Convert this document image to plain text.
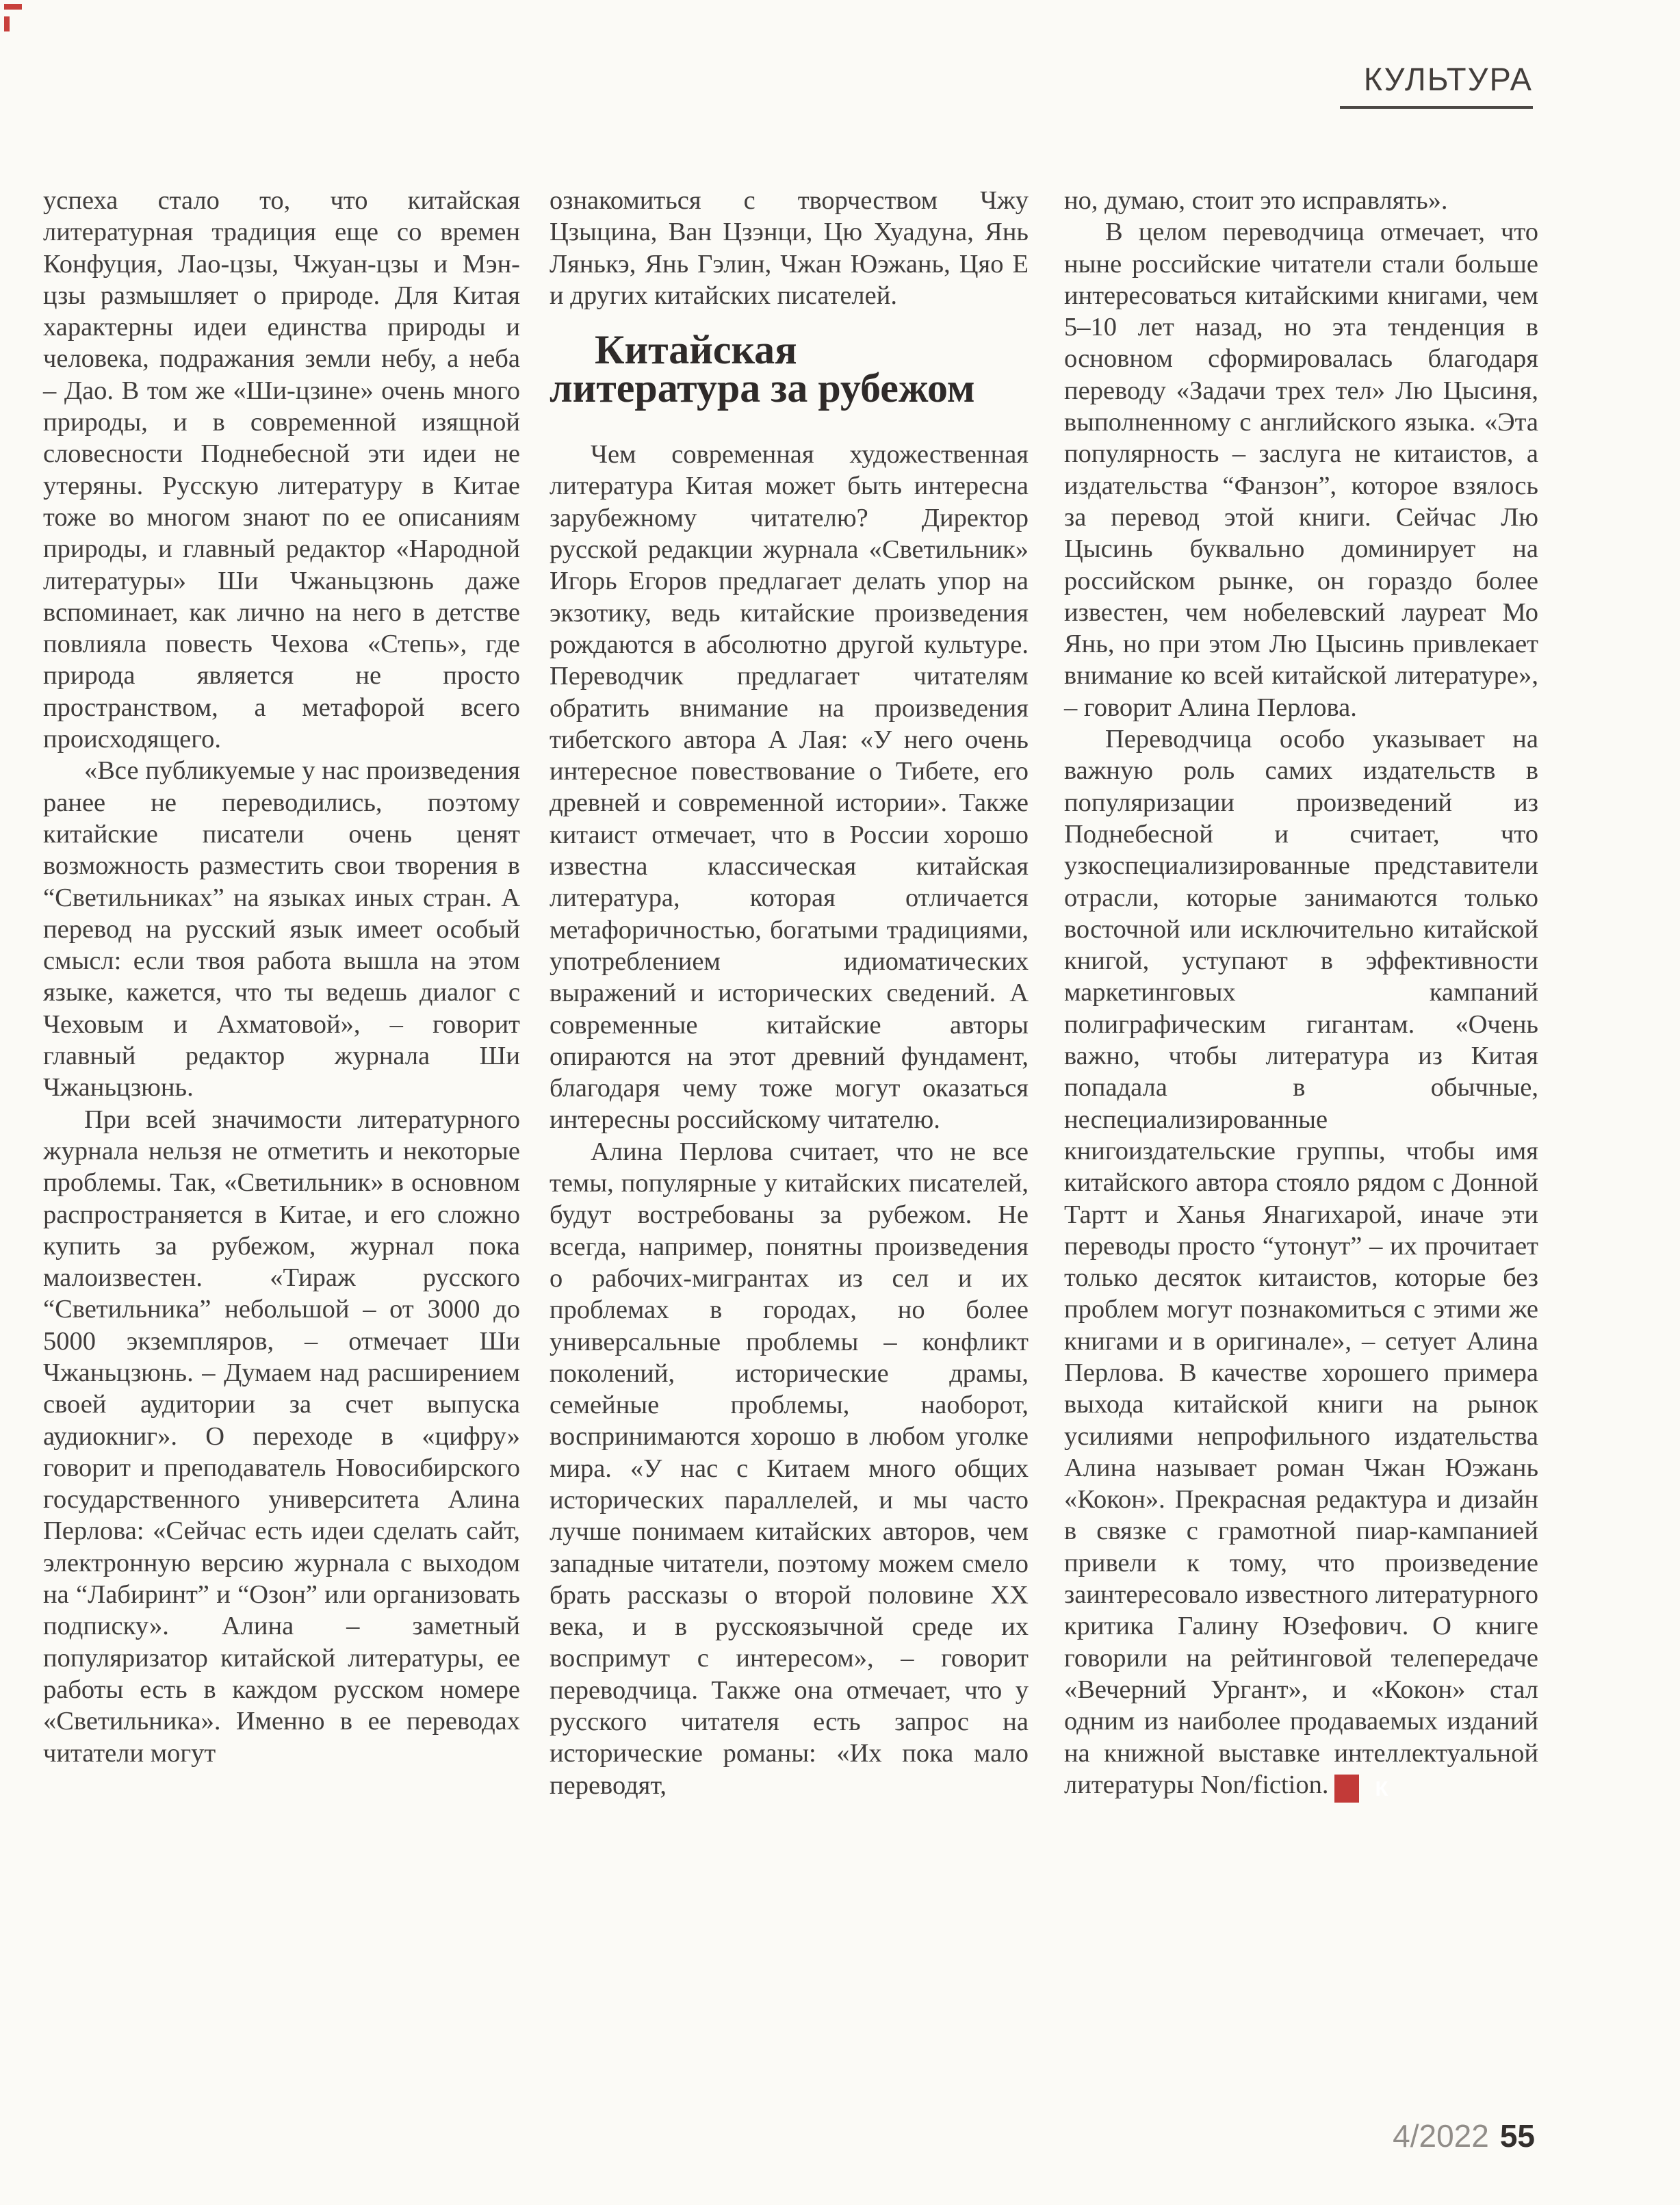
КУЛЬТУРА

успеха стало то, что китайская литературная традиция еще со времен Конфуция, Лао-цзы, Чжуан-цзы и Мэн-цзы размышляет о природе. Для Китая характерны идеи единства природы и человека, подражания земли небу, а неба – Дао. В том же «Ши-цзине» очень много природы, и в современной изящной словесности Поднебесной эти идеи не утеряны. Русскую литературу в Китае тоже во многом знают по ее описаниям природы, и главный редактор «Народной литературы» Ши Чжаньцзюнь даже вспоминает, как лично на него в детстве повлияла повесть Чехова «Степь», где природа является не просто пространством, а метафорой всего происходящего.

«Все публикуемые у нас произведения ранее не переводились, поэтому китайские писатели очень ценят возможность разместить свои творения в “Светильниках” на языках иных стран. А перевод на русский язык имеет особый смысл: если твоя работа вышла на этом языке, кажется, что ты ведешь диалог с Чеховым и Ахматовой», – говорит главный редактор журнала Ши Чжаньцзюнь.

При всей значимости литературного журнала нельзя не отметить и некоторые проблемы. Так, «Светильник» в основном распространяется в Китае, и его сложно купить за рубежом, журнал пока малоизвестен. «Тираж русского “Светильника” небольшой – от 3000 до 5000 экземпляров, – отмечает Ши Чжаньцзюнь. – Думаем над расширением своей аудитории за счет выпуска аудиокниг». О переходе в «цифру» говорит и преподаватель Новосибирского государственного университета Алина Перлова: «Сейчас есть идеи сделать сайт, электронную версию журнала с выходом на “Лабиринт” и “Озон” или организовать подписку». Алина – заметный популяризатор китайской литературы, ее работы есть в каждом русском номере «Светильника». Именно в ее переводах читатели могут

ознакомиться с творчеством Чжу Цзыцина, Ван Цзэнци, Цю Хуадуна, Янь Лянькэ, Янь Гэлин, Чжан Юэжань, Цяо Е и других китайских писателей.

Китайская
литература за рубежом

Чем современная художественная литература Китая может быть интересна зарубежному читателю? Директор русской редакции журнала «Светильник» Игорь Егоров предлагает делать упор на экзотику, ведь китайские произведения рождаются в абсолютно другой культуре. Переводчик предлагает читателям обратить внимание на произведения тибетского автора А Лая: «У него очень интересное повествование о Тибете, его древней и современной истории». Также китаист отмечает, что в России хорошо известна классическая китайская литература, которая отличается метафоричностью, богатыми традициями, употреблением идиоматических выражений и исторических сведений. А современные китайские авторы опираются на этот древний фундамент, благодаря чему тоже могут оказаться интересны российскому читателю.

Алина Перлова считает, что не все темы, популярные у китайских писателей, будут востребованы за рубежом. Не всегда, например, понятны произведения о рабочих-мигрантах из сел и их проблемах в городах, но более универсальные проблемы – конфликт поколений, исторические драмы, семейные проблемы, наоборот, воспринимаются хорошо в любом уголке мира. «У нас с Китаем много общих исторических параллелей, и мы часто лучше понимаем китайских авторов, чем западные читатели, поэтому можем смело брать рассказы о второй половине XX века, и в русскоязычной среде их воспримут с интересом», – говорит переводчица. Также она отмечает, что у русского читателя есть запрос на исторические романы: «Их пока мало переводят,

но, думаю, стоит это исправлять».

В целом переводчица отмечает, что ныне российские читатели стали больше интересоваться китайскими книгами, чем 5–10 лет назад, но эта тенденция в основном сформировалась благодаря переводу «Задачи трех тел» Лю Цысиня, выполненному с английского языка. «Эта популярность – заслуга не китаистов, а издательства “Фанзон”, которое взялось за перевод этой книги. Сейчас Лю Цысинь буквально доминирует на российском рынке, он гораздо более известен, чем нобелевский лауреат Мо Янь, но при этом Лю Цысинь привлекает внимание ко всей китайской литературе», – говорит Алина Перлова.

Переводчица особо указывает на важную роль самих издательств в популяризации произведений из Поднебесной и считает, что узкоспециализированные представители отрасли, которые занимаются только восточной или исключительно китайской книгой, уступают в эффективности маркетинговых кампаний полиграфическим гигантам. «Очень важно, чтобы литература из Китая попадала в обычные, неспециализированные книгоиздательские группы, чтобы имя китайского автора стояло рядом с Донной Тартт и Ханья Янагихарой, иначе эти переводы просто “утонут” – их прочитает только десяток китаистов, которые без проблем могут познакомиться с этими же книгами и в оригинале», – сетует Алина Перлова. В качестве хорошего примера выхода китайской книги на рынок усилиями непрофильного издательства Алина называет роман Чжан Юэжань «Кокон». Прекрасная редактура и дизайн в связке с грамотной пиар-кампанией привели к тому, что произведение заинтересовало известного литературного критика Галину Юзефович. О книге говорили на рейтинговой телепередаче «Вечерний Ургант», и «Кокон» стал одним из наиболее продаваемых изданий на книжной выставке интеллектуальной литературы Non/fiction. К

4/2022 55
